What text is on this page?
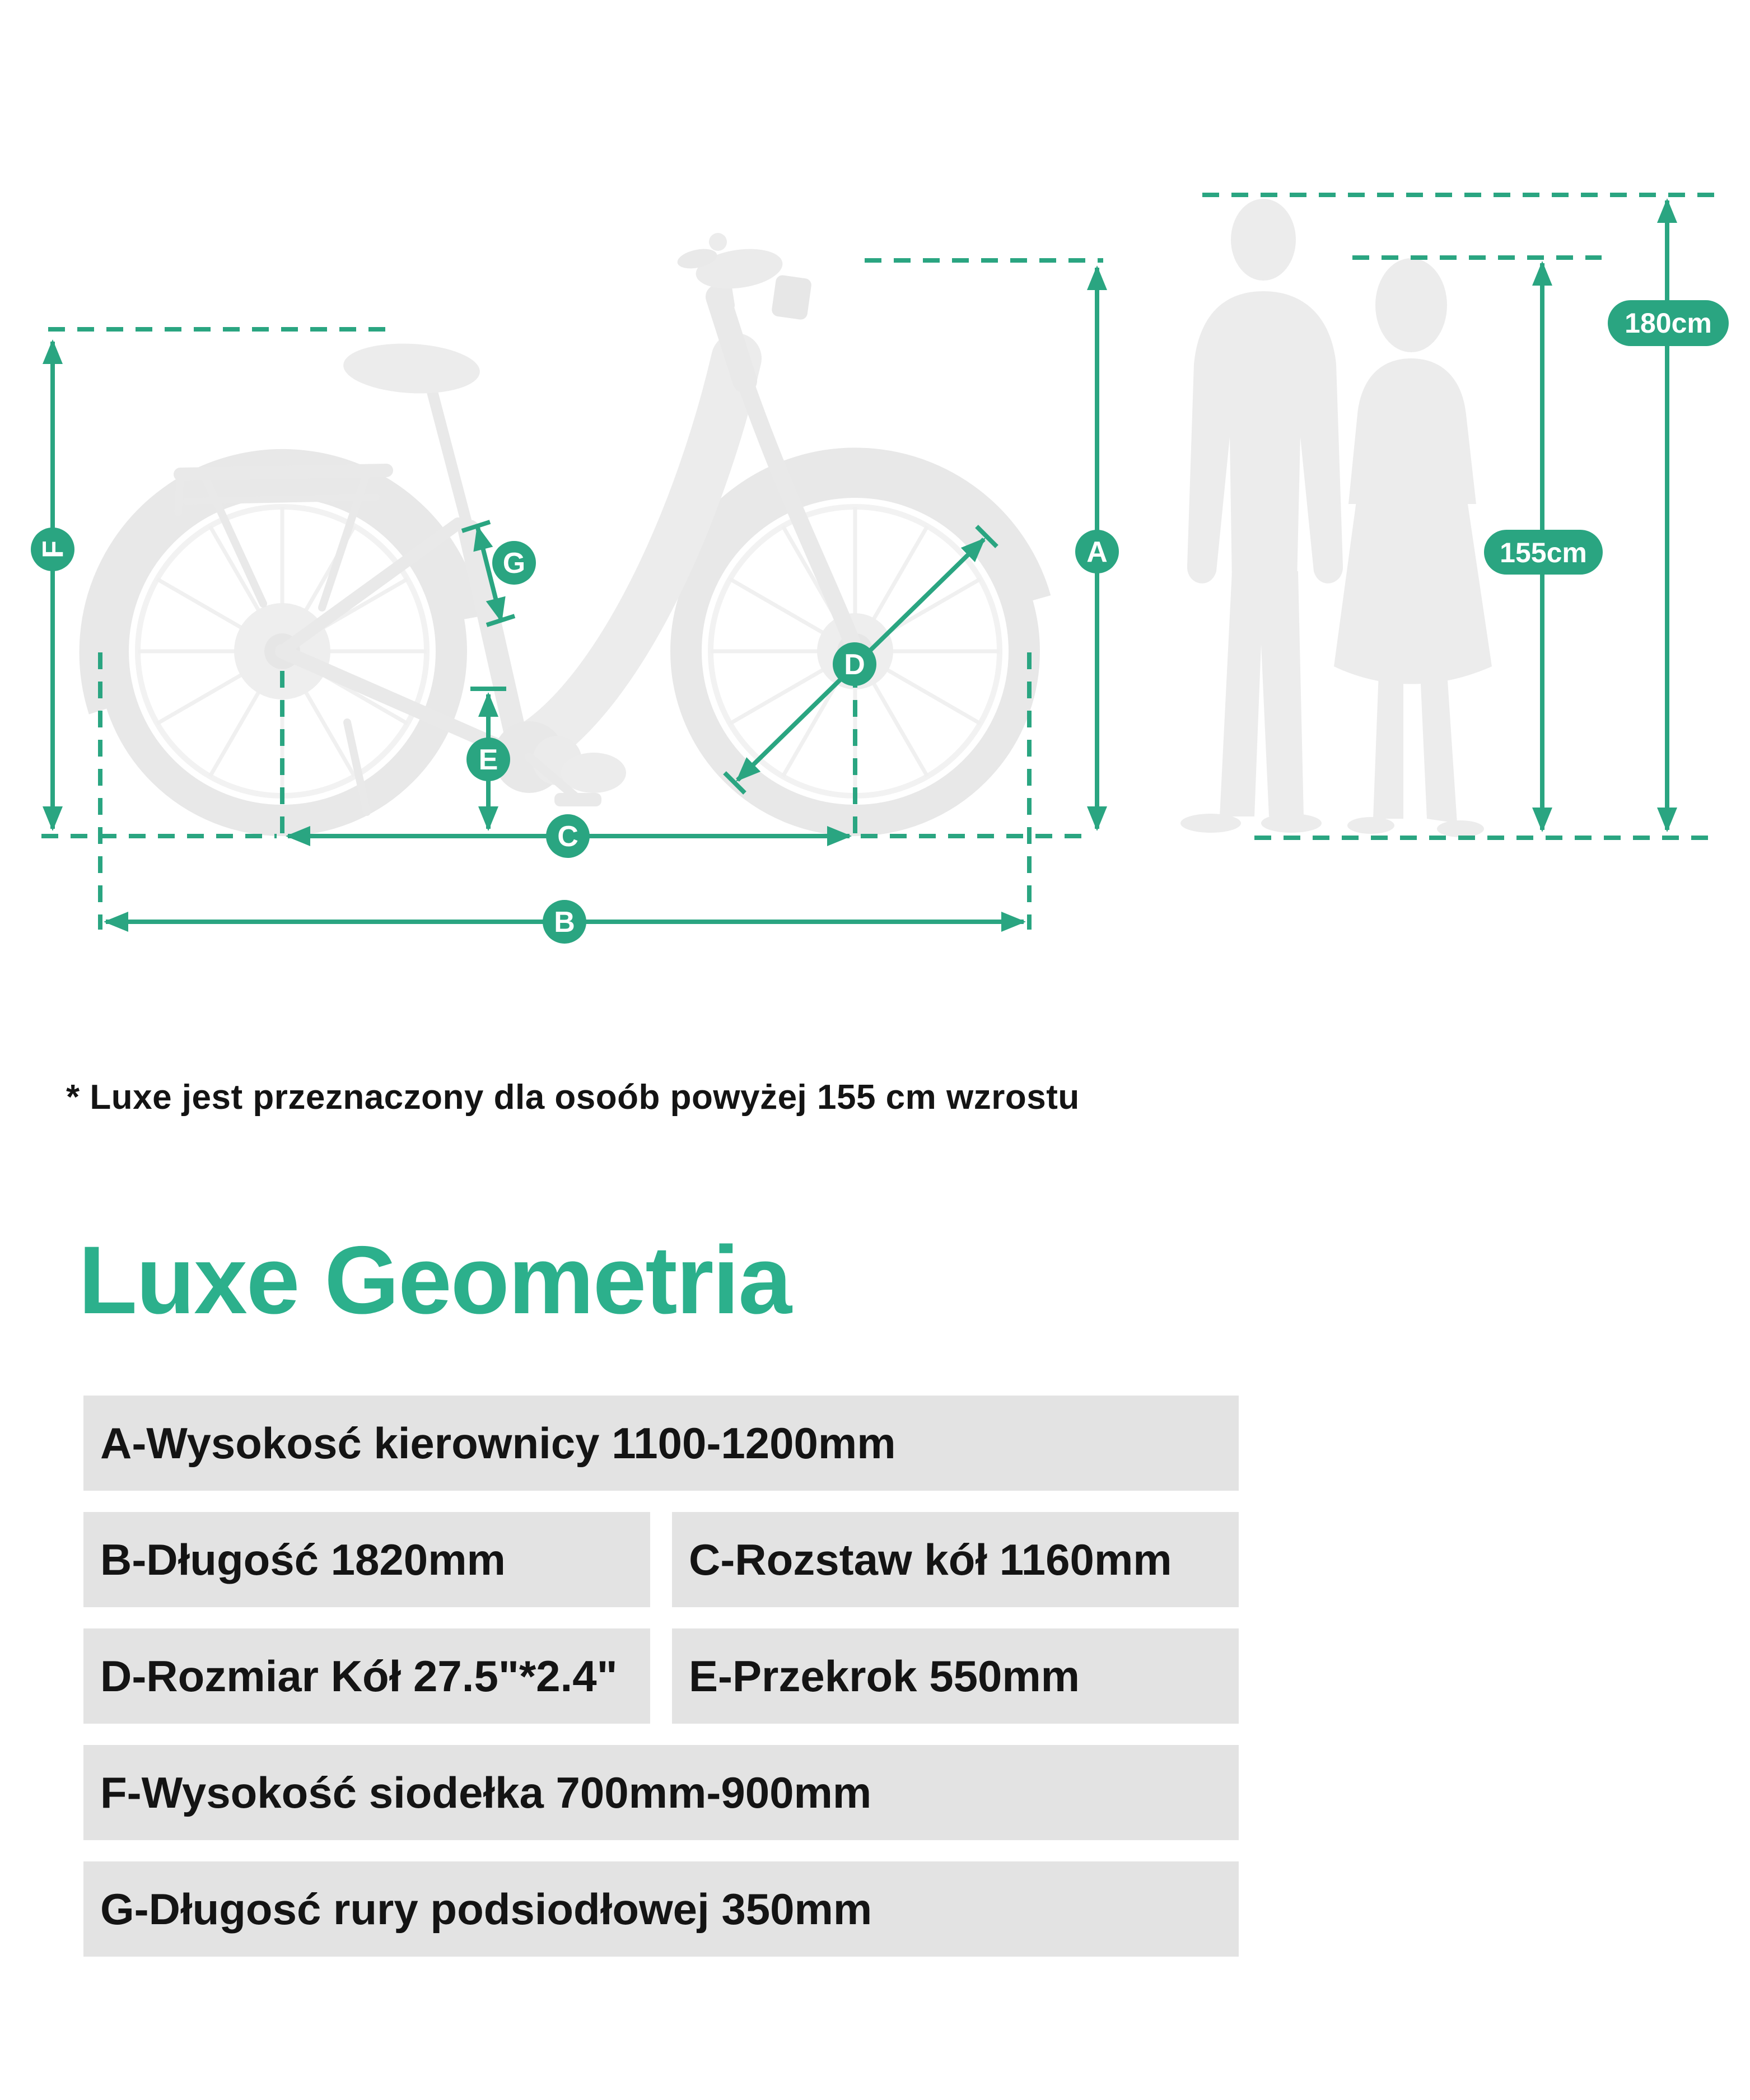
F	G
E
C
B
D
A
180cm
155cm

* Luxe jest przeznaczony dla osoób powyżej 155 cm wzrostu

Luxe Geometria
A-Wysokosć kierownicy 1100-1200mm
B-Długość 1820mm	C-Rozstaw kół 1160mm
D-Rozmiar Kół 27.5"*2.4"	E-Przekrok 550mm
F-Wysokość siodełka 700mm-900mm
G-Długosć rury podsiodłowej 350mm
